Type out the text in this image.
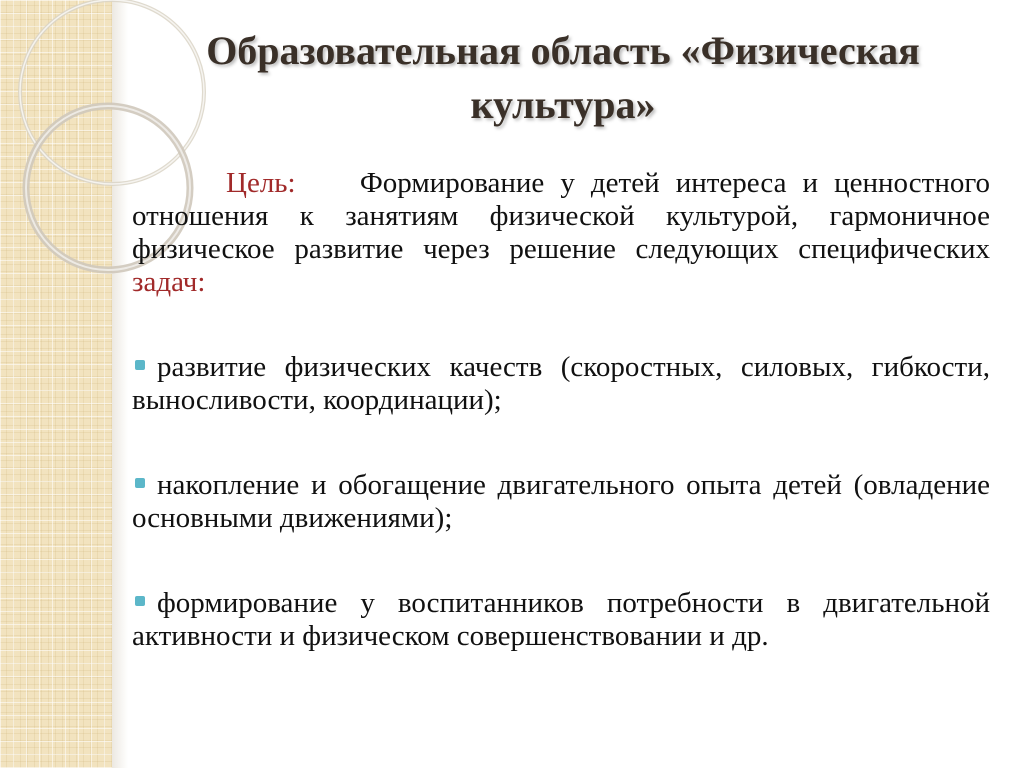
Образовательная область «Физическая культура»

Цель: Формирование у детей интереса и ценностного отношения к занятиям физической культурой, гармоничное физическое развитие через решение следующих специфических задач:

развитие физических качеств (скоростных, силовых, гибкости, выносливости, координации);

накопление и обогащение двигательного опыта детей (овладение основными движениями);

формирование у воспитанников потребности в двигательной активности и физическом совершенствовании и др.
